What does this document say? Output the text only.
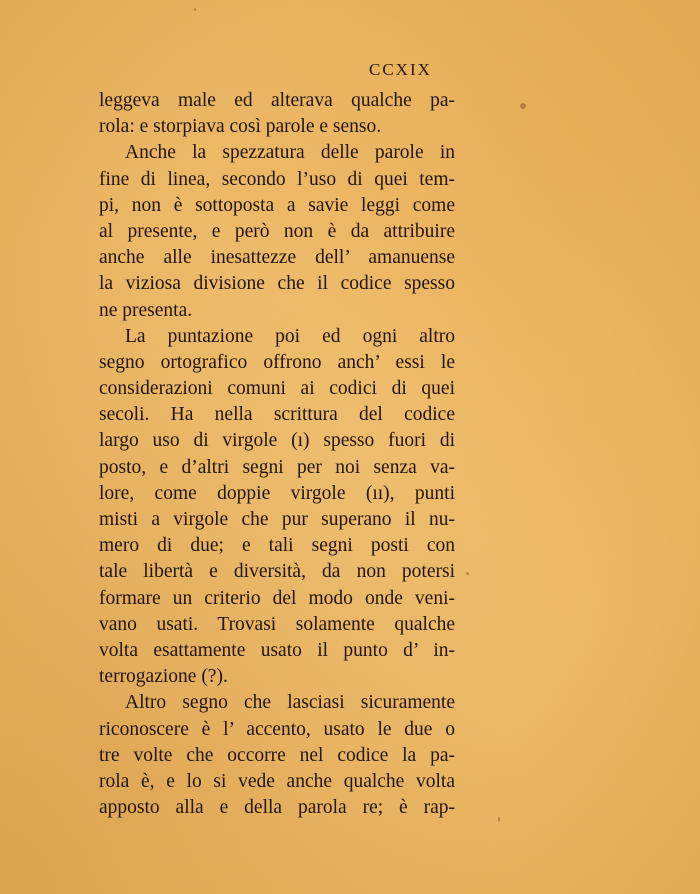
CCXIX
leggeva male ed alterava qualche pa-
rola: e storpiava così parole e senso.
Anche la spezzatura delle parole in
fine di linea, secondo l’uso di quei tem-
pi, non è sottoposta a savie leggi come
al presente, e però non è da attribuire
anche alle inesattezze dell’ amanuense
la viziosa divisione che il codice spesso
ne presenta.
La puntazione poi ed ogni altro
segno ortografico offrono anch’ essi le
considerazioni comuni ai codici di quei
secoli. Ha nella scrittura del codice
largo uso di virgole (ı) spesso fuori di
posto, e d’altri segni per noi senza va-
lore, come doppie virgole (ıı), punti
misti a virgole che pur superano il nu-
mero di due; e tali segni posti con
tale libertà e diversità, da non potersi
formare un criterio del modo onde veni-
vano usati. Trovasi solamente qualche
volta esattamente usato il punto d’ in-
terrogazione (?).
Altro segno che lasciasi sicuramente
riconoscere è l’ accento, usato le due o
tre volte che occorre nel codice la pa-
rola è, e lo si vede anche qualche volta
apposto alla e della parola re; è rap-
